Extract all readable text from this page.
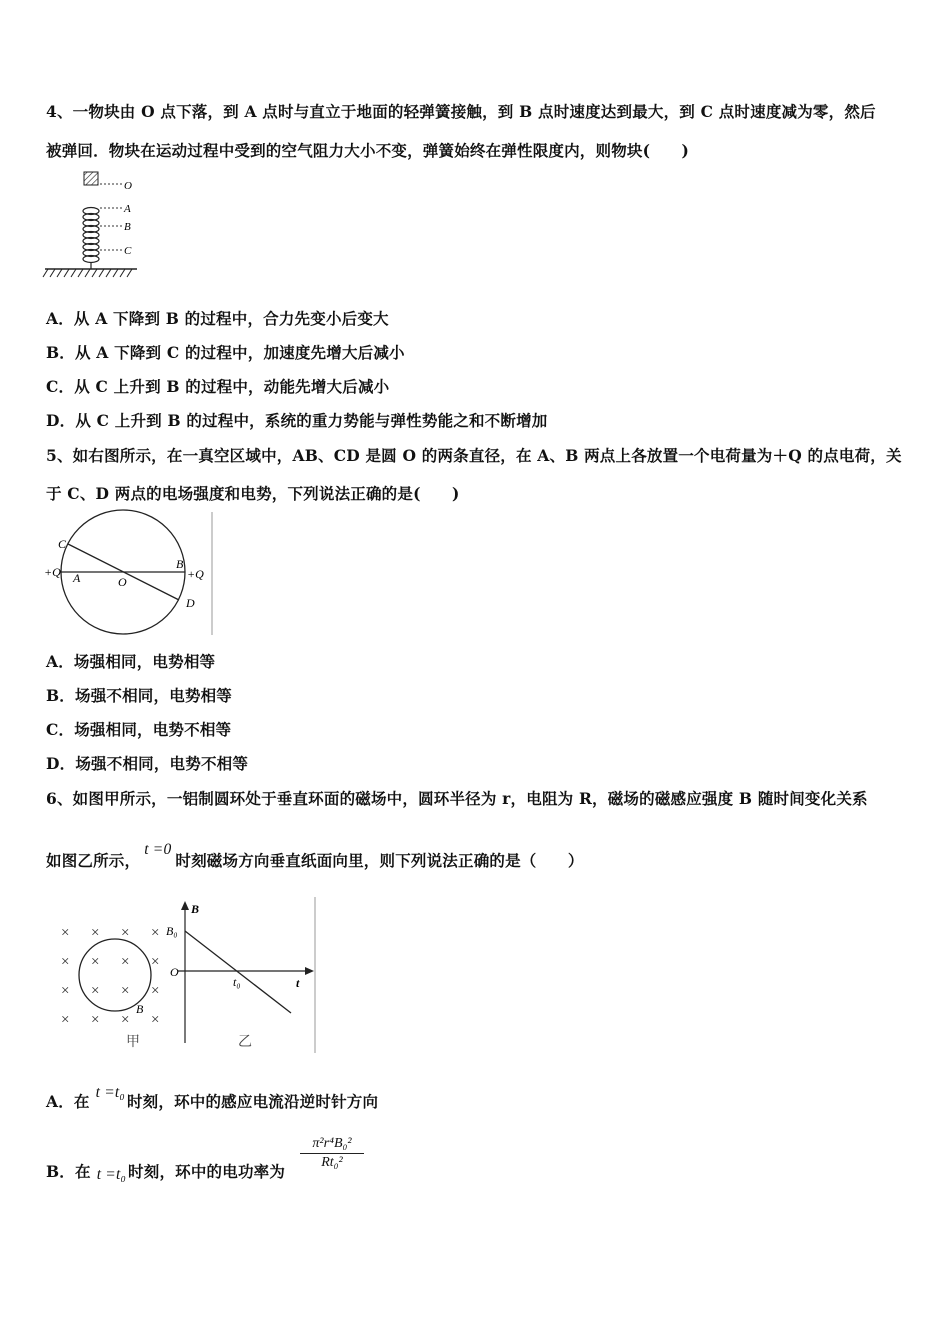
4、一物块由 O 点下落，到 A 点时与直立于地面的轻弹簧接触，到 B 点时速度达到最大，到 C 点时速度减为零，然后
被弹回．物块在运动过程中受到的空气阻力大小不变，弹簧始终在弹性限度内，则物块(　　)
O
A
B
C
A．从 A 下降到 B 的过程中，合力先变小后变大
B．从 A 下降到 C 的过程中，加速度先增大后减小
C．从 C 上升到 B 的过程中，动能先增大后减小
D．从 C 上升到 B 的过程中，系统的重力势能与弹性势能之和不断增加
5、如右图所示，在一真空区域中，AB、CD 是圆 O 的两条直径，在 A、B 两点上各放置一个电荷量为＋Q 的点电荷，关
于 C、D 两点的电场强度和电势，下列说法正确的是(　　)
C
D
A
B
O
+Q	+Q
A．场强相同，电势相等
B．场强不相同，电势相等
C．场强相同，电势不相等
D．场强不相同，电势不相等
6、如图甲所示，一铝制圆环处于垂直环面的磁场中，圆环半径为 r，电阻为 R，磁场的磁感应强度 B 随时间变化关系
如图乙所示，t =0时刻磁场方向垂直纸面向里，则下列说法正确的是（　　）
× × × ×
× × × ×
× × × ×
× × × ×
B
甲
B
B₀
O
t₀	t
乙
A．在 t =t₀ 时刻，环中的感应电流沿逆时针方向
B．在 t =t₀ 时刻，环中的电功率为
$\frac{\text{π²r⁴B₀²}}{\text{Rt₀²}}$
